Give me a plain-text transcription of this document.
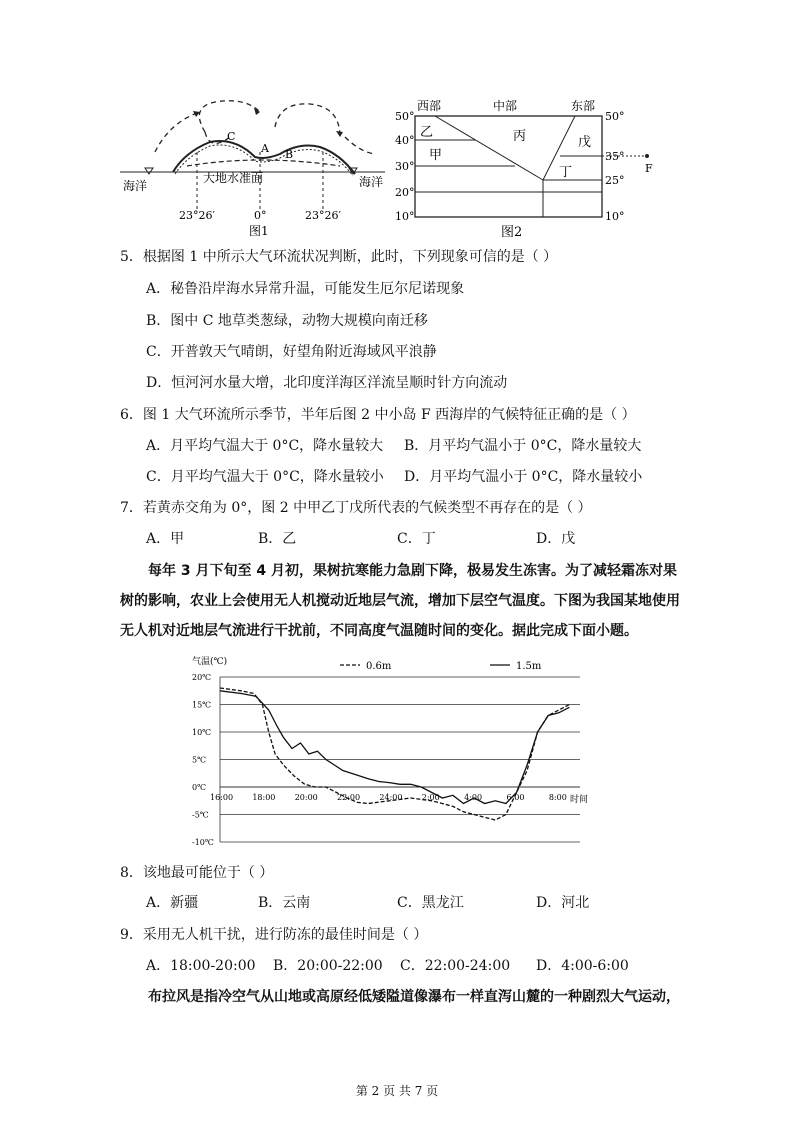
C
A B
海洋	海洋
大地水准面
23°26′	0°	23°26′
图1
西部	中部	东部
50°
40°
30°
20°
10°
50°
35°
25°
10°
乙
甲
丙	戊
丁	F
图2
5．根据图 1 中所示大气环流状况判断，此时，下列现象可信的是（ ）
A．秘鲁沿岸海水异常升温，可能发生厄尔尼诺现象
B．图中 C 地草类葱绿，动物大规模向南迁移
C．开普敦天气晴朗，好望角附近海域风平浪静
D．恒河河水量大增，北印度洋海区洋流呈顺时针方向流动
6．图 1 大气环流所示季节，半年后图 2 中小岛 F 西海岸的气候特征正确的是（ ）
A．月平均气温大于 0°C，降水量较大 B．月平均气温小于 0°C，降水量较大
C．月平均气温大于 0°C，降水量较小 D．月平均气温小于 0°C，降水量较小
7．若黄赤交角为 0°，图 2 中甲乙丁戊所代表的气候类型不再存在的是（ ）
A．甲	B．乙	C．丁	D．戊
每年 3 月下旬至 4 月初，果树抗寒能力急剧下降，极易发生冻害。为了减轻霜冻对果树的影响，农业上会使用无人机搅动近地层气流，增加下层空气温度。下图为我国某地使用无人机对近地层气流进行干扰前，不同高度气温随时间的变化。据此完成下面小题。
20℃
15℃
10℃
5℃
0℃
-5℃
-10℃
16:00 18:00 20:00 22:00 24:00 2:00	4:00	6:00	8:00
气温(℃)
时间
0.6m	1.5m
8．该地最可能位于（ ）
A．新疆	B．云南	C．黑龙江	D．河北
9．采用无人机干扰，进行防冻的最佳时间是（ ）
A．18:00-20:00 B．20:00-22:00 C．22:00-24:00 D．4:00-6:00
布拉风是指冷空气从山地或高原经低矮隘道像瀑布一样直泻山麓的一种剧烈大气运动，
第 2 页 共 7 页
